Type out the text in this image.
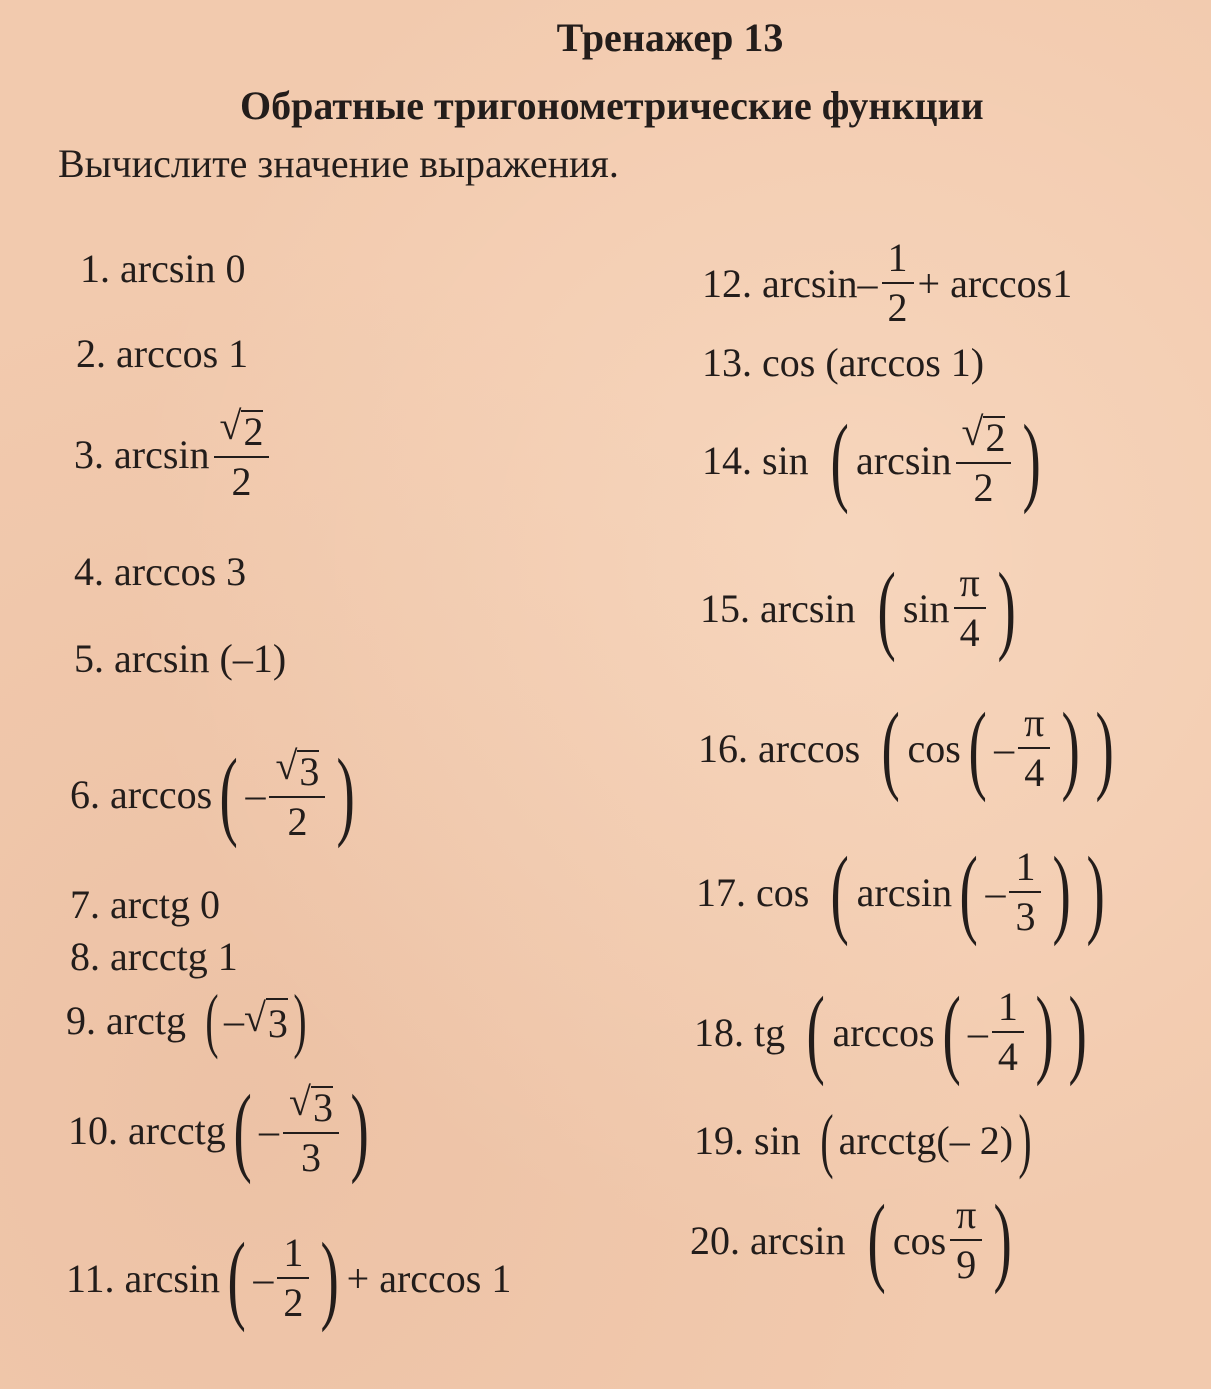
Тренажер 13
Обратные тригонометрические функции
Вычислите значение выражения.
1. arcsin 0
2. arccos 1
3. $\arcsin \frac{√ 2}{2}$
4. arccos 3
5. arcsin (–1)
6. arccos ( – $\frac{√ 3}{2}$ )
7. arctg 0
8. arcctg 1
9. arctg ( – √ 3 )
10. arcctg ( – $\frac{√ 3}{3}$ )
11. arcsin ( – $\frac{1}{2}$ ) + arccos 1
12. $\arcsin - \frac{1}{2} + \arccos 1$
13. cos (arccos 1)
14. sin ( $\arcsin \frac{√ 2}{2}$ )
15. arcsin ( $\sin \frac{\pi}{4}$ )
16. arccos ( cos ( – $\frac{\pi}{4}$ ) )
17. cos ( arcsin ( – $\frac{1}{3}$ ) )
18. tg ( arccos ( – $\frac{1}{4}$ ) )
19. sin ( arcctg (– 2) )
20. arcsin ( $\cos \frac{\pi}{9}$ )
